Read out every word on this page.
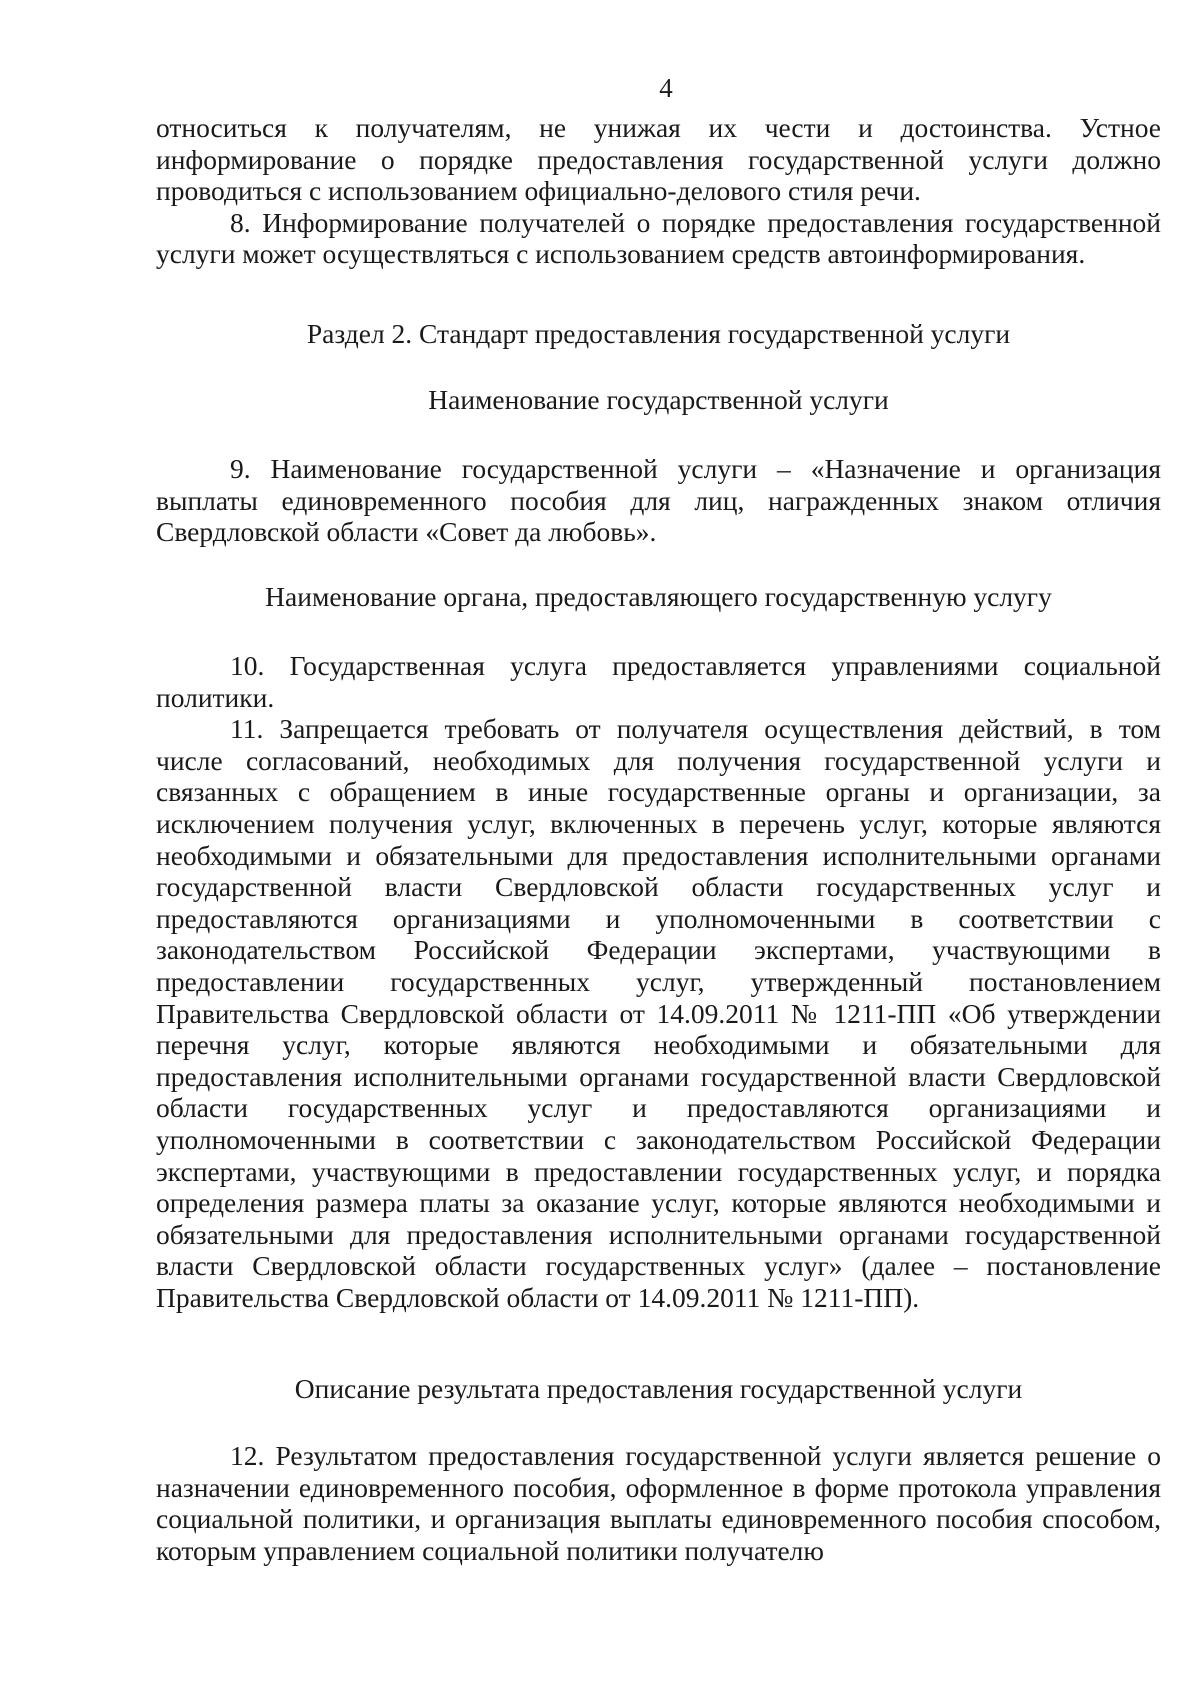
4

относиться к получателям, не унижая их чести и достоинства. Устное информирование о порядке предоставления государственной услуги должно проводиться с использованием официально-делового стиля речи.

8. Информирование получателей о порядке предоставления государственной услуги может осуществляться с использованием средств автоинформирования.

Раздел 2. Стандарт предоставления государственной услуги

Наименование государственной услуги

9. Наименование государственной услуги – «Назначение и организация выплаты единовременного пособия для лиц, награжденных знаком отличия Свердловской области «Совет да любовь».

Наименование органа, предоставляющего государственную услугу

10. Государственная услуга предоставляется управлениями социальной политики.

11. Запрещается требовать от получателя осуществления действий, в том числе согласований, необходимых для получения государственной услуги и связанных с обращением в иные государственные органы и организации, за исключением получения услуг, включенных в перечень услуг, которые являются необходимыми и обязательными для предоставления исполнительными органами государственной власти Свердловской области государственных услуг и предоставляются организациями и уполномоченными в соответствии с законодательством Российской Федерации экспертами, участвующими в предоставлении государственных услуг, утвержденный постановлением Правительства Свердловской области от 14.09.2011 № 1211-ПП «Об утверждении перечня услуг, которые являются необходимыми и обязательными для предоставления исполнительными органами государственной власти Свердловской области государственных услуг и предоставляются организациями и уполномоченными в соответствии с законодательством Российской Федерации экспертами, участвующими в предоставлении государственных услуг, и порядка определения размера платы за оказание услуг, которые являются необходимыми и обязательными для предоставления исполнительными органами государственной власти Свердловской области государственных услуг» (далее – постановление Правительства Свердловской области от 14.09.2011 № 1211-ПП).

Описание результата предоставления государственной услуги

12. Результатом предоставления государственной услуги является решение о назначении единовременного пособия, оформленное в форме протокола управления социальной политики, и организация выплаты единовременного пособия способом, которым управлением социальной политики получателю
